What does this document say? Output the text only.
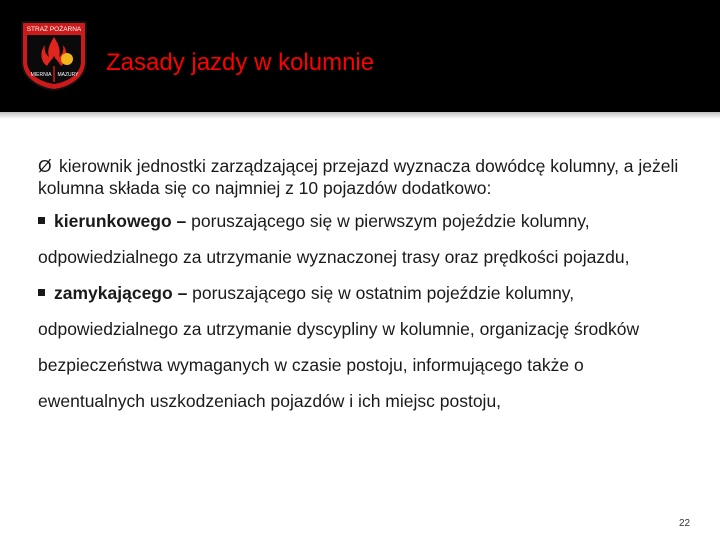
STRAŻ POŻARNA
MIERNIA MAZURY Zasady jazdy w kolumnie

Ø kierownik jednostki zarządzającej przejazd wyznacza dowódcę kolumny, a jeżeli kolumna składa się co najmniej z 10 pojazdów dodatkowo:

kierunkowego – poruszającego się w pierwszym pojeździe kolumny, odpowiedzialnego za utrzymanie wyznaczonej trasy oraz prędkości pojazdu,

zamykającego – poruszającego się w ostatnim pojeździe kolumny, odpowiedzialnego za utrzymanie dyscypliny w kolumnie, organizację środków bezpieczeństwa wymaganych w czasie postoju, informującego także o ewentualnych uszkodzeniach pojazdów i ich miejsc postoju,

22
